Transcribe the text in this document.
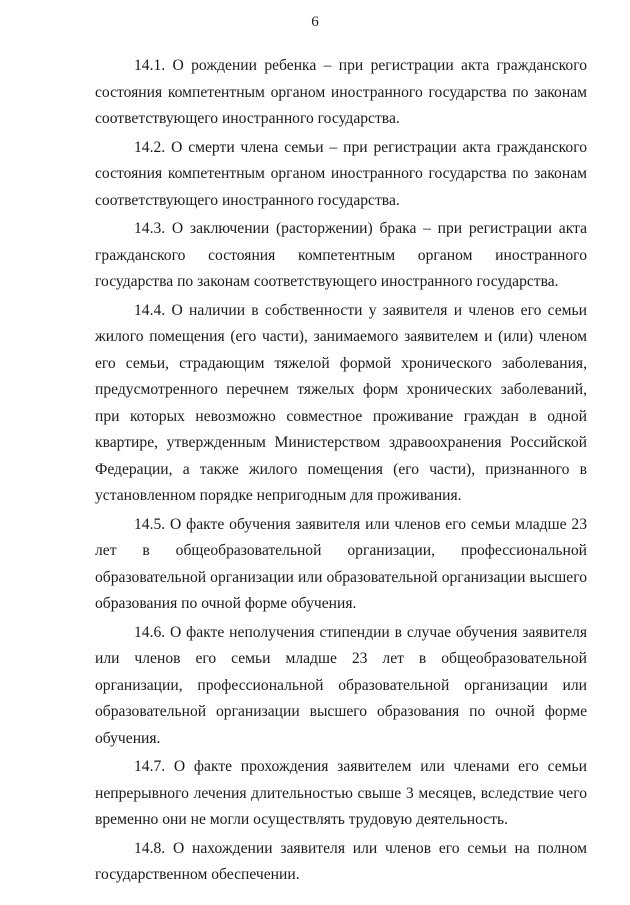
6

14.1. О рождении ребенка – при регистрации акта гражданского состояния компетентным органом иностранного государства по законам соответствующего иностранного государства.

14.2. О смерти члена семьи – при регистрации акта гражданского состояния компетентным органом иностранного государства по законам соответствующего иностранного государства.

14.3. О заключении (расторжении) брака – при регистрации акта гражданского состояния компетентным органом иностранного государства по законам соответствующего иностранного государства.

14.4. О наличии в собственности у заявителя и членов его семьи жилого помещения (его части), занимаемого заявителем и (или) членом его семьи, страдающим тяжелой формой хронического заболевания, предусмотренного перечнем тяжелых форм хронических заболеваний, при которых невозможно совместное проживание граждан в одной квартире, утвержденным Министерством здравоохранения Российской Федерации, а также жилого помещения (его части), признанного в установленном порядке непригодным для проживания.

14.5. О факте обучения заявителя или членов его семьи младше 23 лет в общеобразовательной организации, профессиональной образовательной организации или образовательной организации высшего образования по очной форме обучения.

14.6. О факте неполучения стипендии в случае обучения заявителя или членов его семьи младше 23 лет в общеобразовательной организации, профессиональной образовательной организации или образовательной организации высшего образования по очной форме обучения.

14.7. О факте прохождения заявителем или членами его семьи непрерывного лечения длительностью свыше 3 месяцев, вследствие чего временно они не могли осуществлять трудовую деятельность.

14.8. О нахождении заявителя или членов его семьи на полном государственном обеспечении.
